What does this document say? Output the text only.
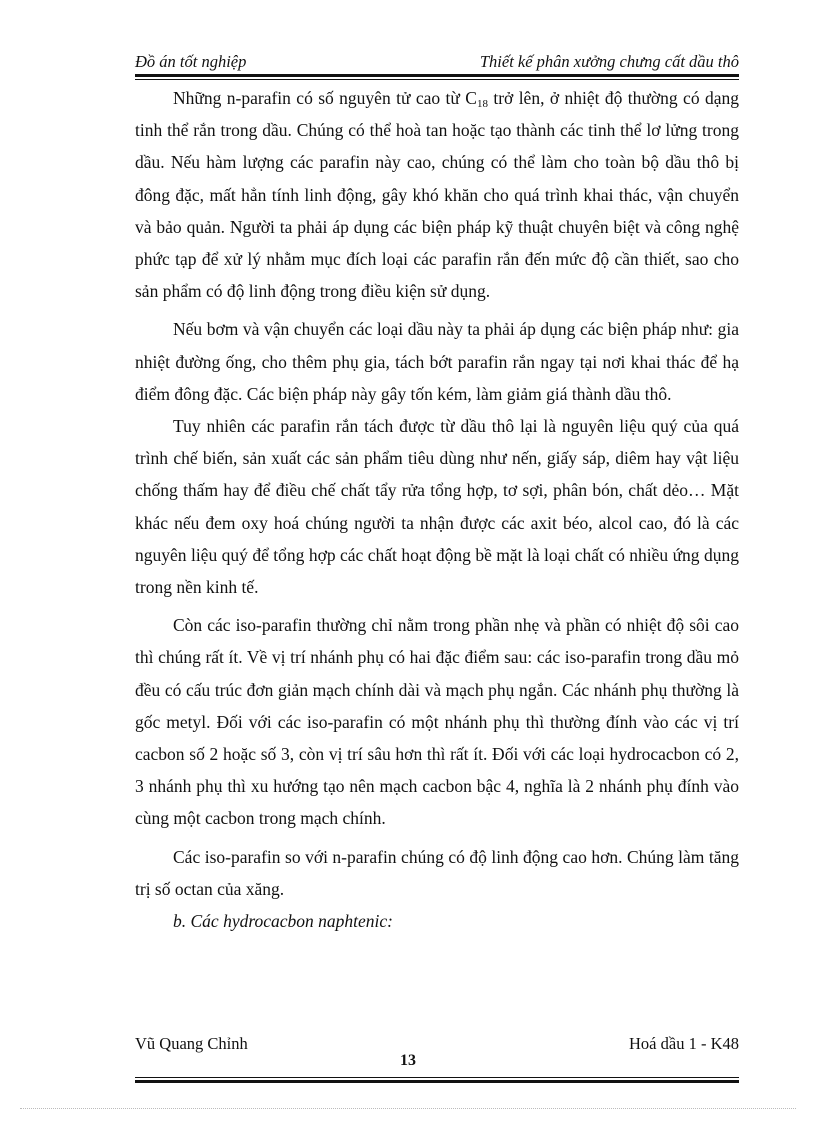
Đồ án tốt nghiệp	Thiết kế phân xưởng chưng cất dầu thô

Những n-parafin có số nguyên tử cao từ $C_{18}$ trở lên, ở nhiệt độ thường có dạng tinh thể rắn trong dầu. Chúng có thể hoà tan hoặc tạo thành các tinh thể lơ lửng trong dầu. Nếu hàm lượng các parafin này cao, chúng có thể làm cho toàn bộ dầu thô bị đông đặc, mất hẳn tính linh động, gây khó khăn cho quá trình khai thác, vận chuyển và bảo quản. Người ta phải áp dụng các biện pháp kỹ thuật chuyên biệt và công nghệ phức tạp để xử lý nhằm mục đích loại các parafin rắn đến mức độ cần thiết, sao cho sản phẩm có độ linh động trong điều kiện sử dụng.

Nếu bơm và vận chuyển các loại dầu này ta phải áp dụng các biện pháp như: gia nhiệt đường ống, cho thêm phụ gia, tách bớt parafin rắn ngay tại nơi khai thác để hạ điểm đông đặc. Các biện pháp này gây tốn kém, làm giảm giá thành dầu thô.

Tuy nhiên các parafin rắn tách được từ dầu thô lại là nguyên liệu quý của quá trình chế biến, sản xuất các sản phẩm tiêu dùng như nến, giấy sáp, diêm hay vật liệu chống thấm hay để điều chế chất tẩy rửa tổng hợp, tơ sợi, phân bón, chất dẻo… Mặt khác nếu đem oxy hoá chúng người ta nhận được các axit béo, alcol cao, đó là các nguyên liệu quý để tổng hợp các chất hoạt động bề mặt là loại chất có nhiều ứng dụng trong nền kinh tế.

Còn các iso-parafin thường chỉ nằm trong phần nhẹ và phần có nhiệt độ sôi cao thì chúng rất ít. Về vị trí nhánh phụ có hai đặc điểm sau: các iso-parafin trong dầu mỏ đều có cấu trúc đơn giản mạch chính dài và mạch phụ ngắn. Các nhánh phụ thường là gốc metyl. Đối với các iso-parafin có một nhánh phụ thì thường đính vào các vị trí cacbon số 2 hoặc số 3, còn vị trí sâu hơn thì rất ít. Đối với các loại hydrocacbon có 2, 3 nhánh phụ thì xu hướng tạo nên mạch cacbon bậc 4, nghĩa là 2 nhánh phụ đính vào cùng một cacbon trong mạch chính.

Các iso-parafin so với n-parafin chúng có độ linh động cao hơn. Chúng làm tăng trị số octan của xăng.

b. Các hydrocacbon naphtenic:

Vũ Quang Chỉnh	Hoá dầu 1 - K48
13
